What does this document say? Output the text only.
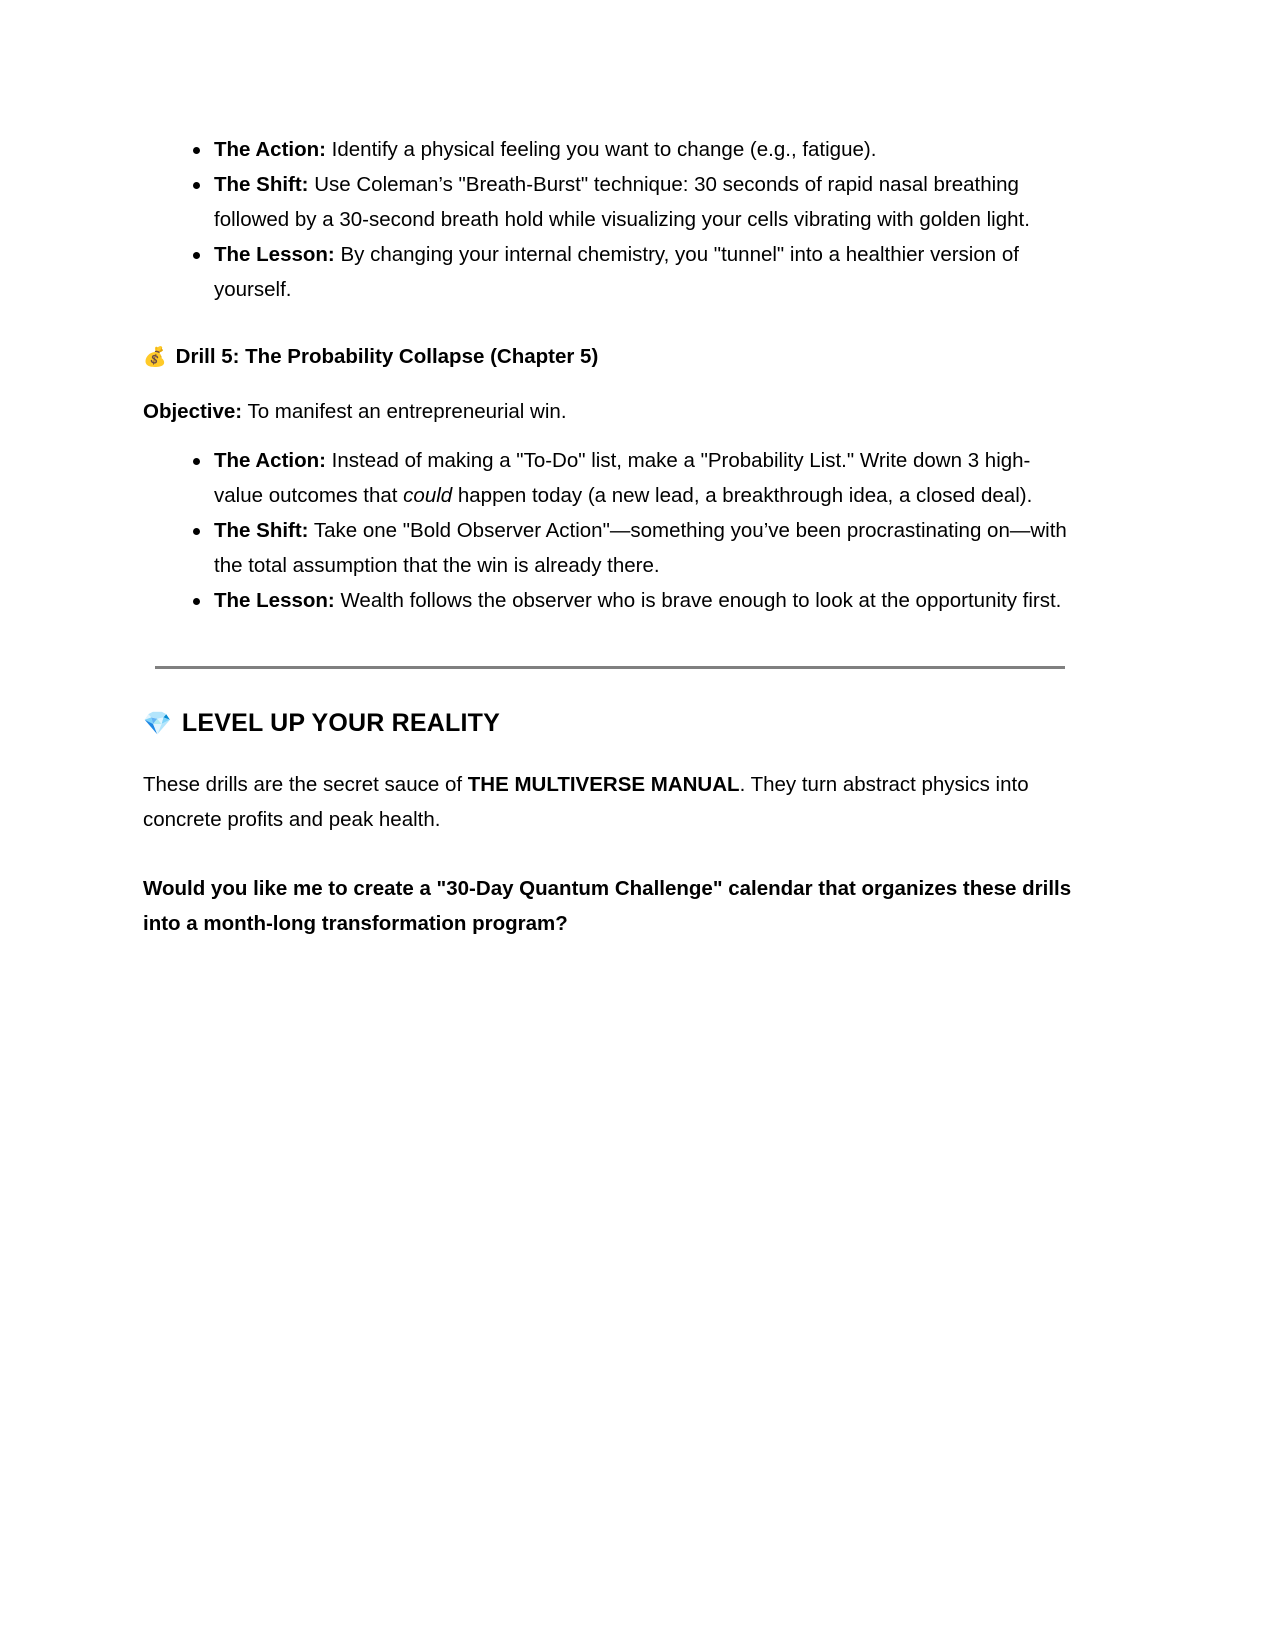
The Action: Identify a physical feeling you want to change (e.g., fatigue).
The Shift: Use Coleman’s "Breath-Burst" technique: 30 seconds of rapid nasal breathing followed by a 30-second breath hold while visualizing your cells vibrating with golden light.
The Lesson: By changing your internal chemistry, you "tunnel" into a healthier version of yourself.
💰 Drill 5: The Probability Collapse (Chapter 5)
Objective: To manifest an entrepreneurial win.
The Action: Instead of making a "To-Do" list, make a "Probability List." Write down 3 high-value outcomes that could happen today (a new lead, a breakthrough idea, a closed deal).
The Shift: Take one "Bold Observer Action"—something you’ve been procrastinating on—with the total assumption that the win is already there.
The Lesson: Wealth follows the observer who is brave enough to look at the opportunity first.
💎 LEVEL UP YOUR REALITY
These drills are the secret sauce of THE MULTIVERSE MANUAL. They turn abstract physics into concrete profits and peak health.
Would you like me to create a "30-Day Quantum Challenge" calendar that organizes these drills into a month-long transformation program?
